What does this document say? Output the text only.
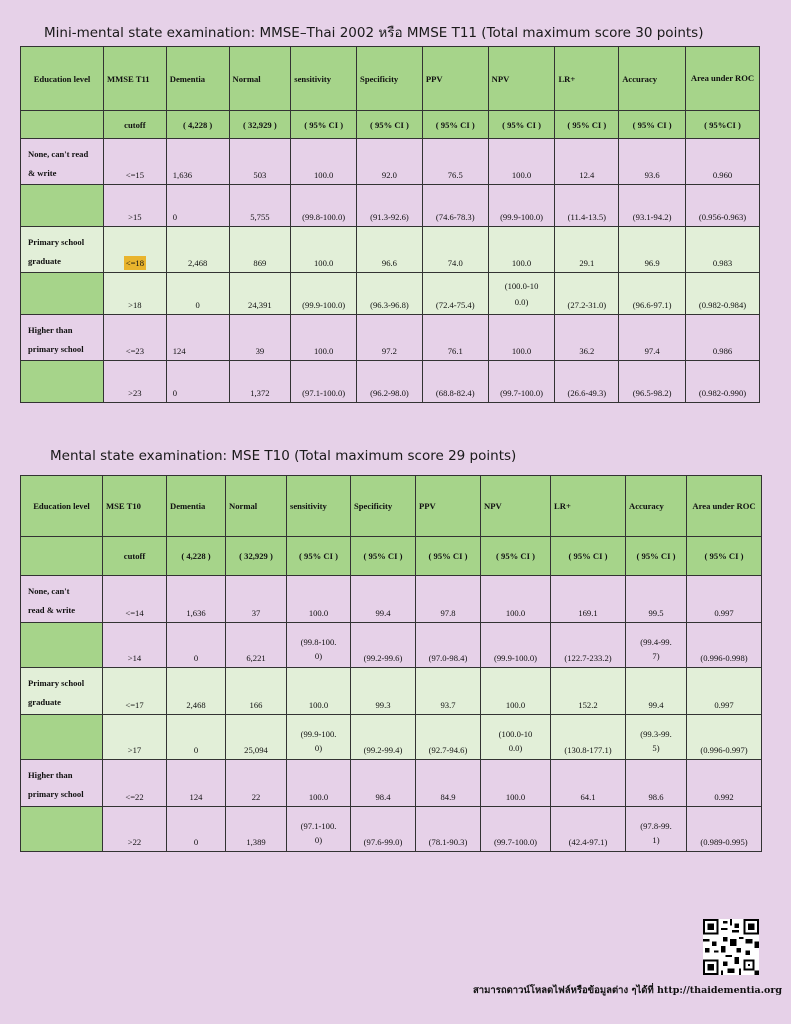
Mini-mental state examination: MMSE–Thai 2002 หรือ MMSE T11 (Total maximum score 30 points)
Education level	MMSE T11	Dementia	Normal	sensitivity	Specificity	PPV	NPV	LR+	Accuracy	Area under ROC
	cutoff	( 4,228 )	( 32,929 )	( 95% CI )	( 95% CI )	( 95% CI )	( 95% CI )	( 95% CI )	( 95% CI )	( 95%CI )

None, can't read
& write	<=15	1,636	503	100.0	92.0	76.5	100.0	12.4	93.6	0.960
	>15	0	5,755	(99.8-100.0)	(91.3-92.6)	(74.6-78.3)	(99.9-100.0)	(11.4-13.5)	(93.1-94.2)	(0.956-0.963)

Primary school
graduate	<=18	2,468	869	100.0	96.6	74.0	100.0	29.1	96.9	0.983
	>18	0	24,391	(99.9-100.0)	(96.3-96.8)	(72.4-75.4)	(100.0-100.0)	(27.2-31.0)	(96.6-97.1)	(0.982-0.984)

Higher than
primary school	<=23	124	39	100.0	97.2	76.1	100.0	36.2	97.4	0.986
	>23	0	1,372	(97.1-100.0)	(96.2-98.0)	(68.8-82.4)	(99.7-100.0)	(26.6-49.3)	(96.5-98.2)	(0.982-0.990)
Mental state examination: MSE T10 (Total maximum score 29 points)
Education level	MSE T10	Dementia	Normal	sensitivity	Specificity	PPV	NPV	LR+	Accuracy	Area under ROC
	cutoff	( 4,228 )	( 32,929 )	( 95% CI )	( 95% CI )	( 95% CI )	( 95% CI )	( 95% CI )	( 95% CI )	( 95% CI )

None, can't
read & write	<=14	1,636	37	100.0	99.4	97.8	100.0	169.1	99.5	0.997
	>14	0	6,221	(99.8-100.0)	(99.2-99.6)	(97.0-98.4)	(99.9-100.0)	(122.7-233.2)	(99.4-99.7)	(0.996-0.998)

Primary school
graduate	<=17	2,468	166	100.0	99.3	93.7	100.0	152.2	99.4	0.997
	>17	0	25,094	(99.9-100.0)	(99.2-99.4)	(92.7-94.6)	(100.0-100.0)	(130.8-177.1)	(99.3-99.5)	(0.996-0.997)

Higher than
primary school	<=22	124	22	100.0	98.4	84.9	100.0	64.1	98.6	0.992
	>22	0	1,389	(97.1-100.0)	(97.6-99.0)	(78.1-90.3)	(99.7-100.0)	(42.4-97.1)	(97.8-99.1)	(0.989-0.995)
สามารถดาวน์โหลดไฟล์หรือข้อมูลต่าง ๆได้ที่ http://thaidementia.org
